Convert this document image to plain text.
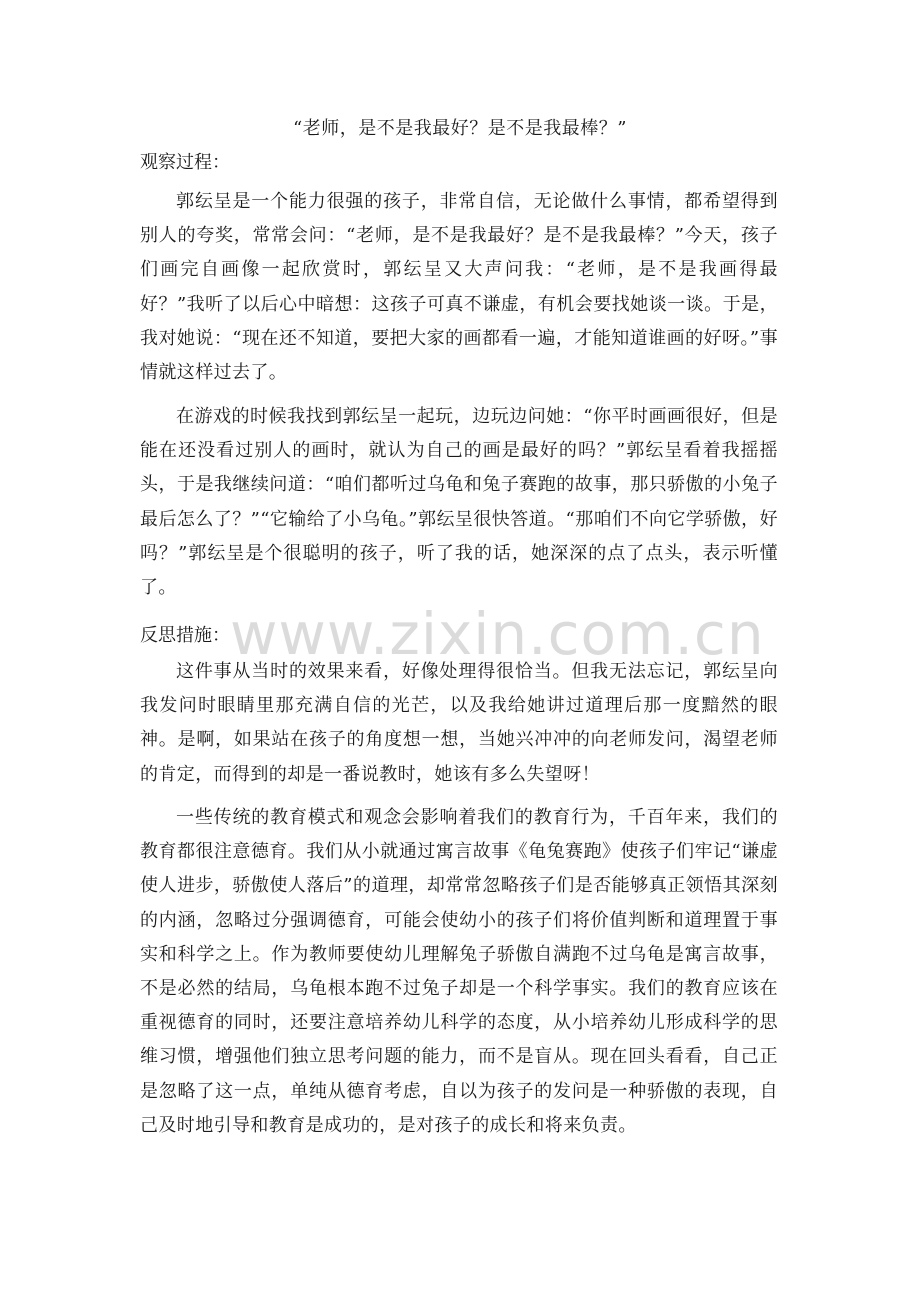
“老师，是不是我最好？是不是我最棒？”
观察过程：
郭纭呈是一个能力很强的孩子，非常自信，无论做什么事情，都希望得到别人的夸奖，常常会问：“老师，是不是我最好？是不是我最棒？”今天，孩子们画完自画像一起欣赏时，郭纭呈又大声问我：“老师，是不是我画得最好？”我听了以后心中暗想：这孩子可真不谦虚，有机会要找她谈一谈。于是，我对她说：“现在还不知道，要把大家的画都看一遍，才能知道谁画的好呀。”事情就这样过去了。
在游戏的时候我找到郭纭呈一起玩，边玩边问她：“你平时画画很好，但是能在还没看过别人的画时，就认为自己的画是最好的吗？”郭纭呈看着我摇摇头，于是我继续问道：“咱们都听过乌龟和兔子赛跑的故事，那只骄傲的小兔子最后怎么了？”“它输给了小乌龟。”郭纭呈很快答道。“那咱们不向它学骄傲，好吗？”郭纭呈是个很聪明的孩子，听了我的话，她深深的点了点头，表示听懂了。
反思措施：
这件事从当时的效果来看，好像处理得很恰当。但我无法忘记，郭纭呈向我发问时眼睛里那充满自信的光芒，以及我给她讲过道理后那一度黯然的眼神。是啊，如果站在孩子的角度想一想，当她兴冲冲的向老师发问，渴望老师的肯定，而得到的却是一番说教时，她该有多么失望呀！
一些传统的教育模式和观念会影响着我们的教育行为，千百年来，我们的教育都很注意德育。我们从小就通过寓言故事《龟兔赛跑》使孩子们牢记“谦虚使人进步，骄傲使人落后”的道理，却常常忽略孩子们是否能够真正领悟其深刻的内涵，忽略过分强调德育，可能会使幼小的孩子们将价值判断和道理置于事实和科学之上。作为教师要使幼儿理解兔子骄傲自满跑不过乌龟是寓言故事，不是必然的结局，乌龟根本跑不过兔子却是一个科学事实。我们的教育应该在重视德育的同时，还要注意培养幼儿科学的态度，从小培养幼儿形成科学的思维习惯，增强他们独立思考问题的能力，而不是盲从。现在回头看看，自己正是忽略了这一点，单纯从德育考虑，自以为孩子的发问是一种骄傲的表现，自己及时地引导和教育是成功的，是对孩子的成长和将来负责。
www.zixin.com.cn
